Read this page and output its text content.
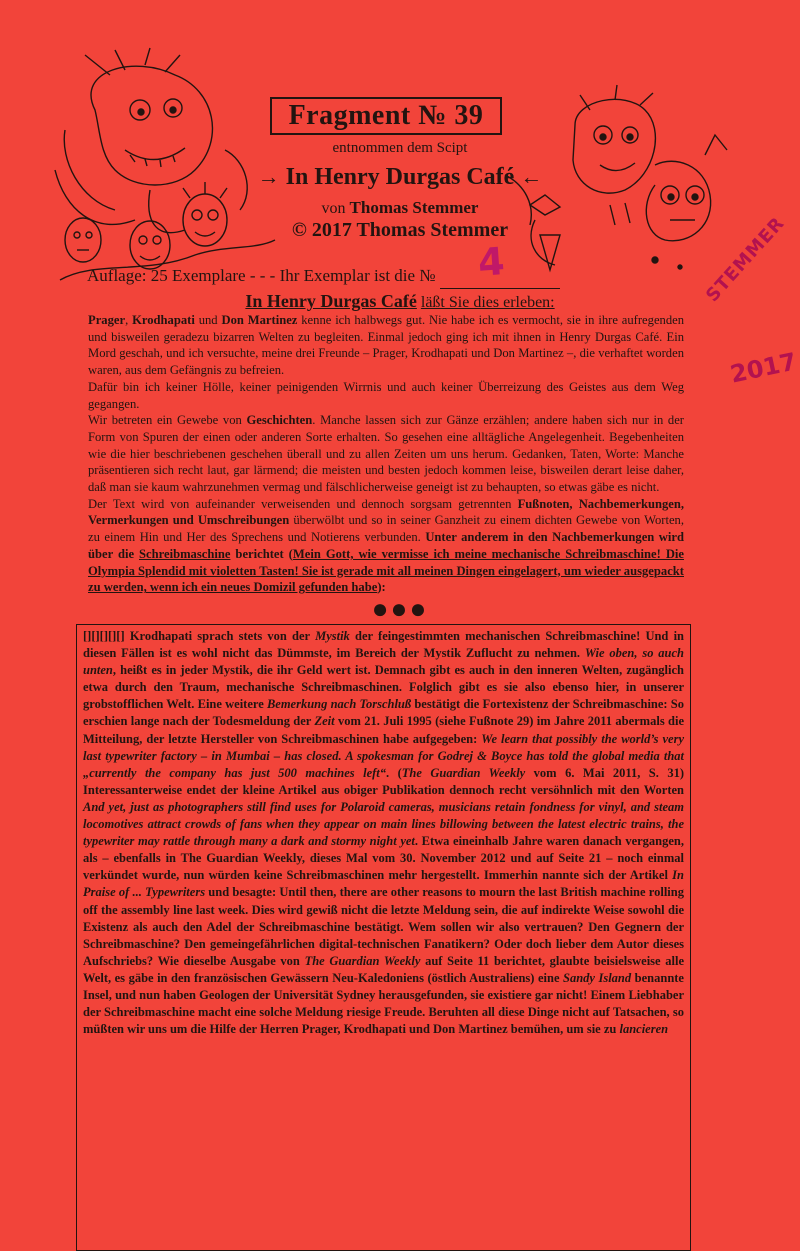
Fragment № 39
entnommen dem Scipt
→ In Henry Durgas Café ←
von Thomas Stemmer
© 2017 Thomas Stemmer
Auflage: 25 Exemplare - - - Ihr Exemplar ist die №	4	STEMMER
2017
In Henry Durgas Café läßt Sie dies erleben:

Prager, Krodhapati und Don Martinez kenne ich halbwegs gut. Nie habe ich es vermocht, sie in ihre aufregenden und bisweilen geradezu bizarren Welten zu begleiten. Einmal jedoch ging ich mit ihnen in Henry Durgas Café. Ein Mord geschah, und ich versuchte, meine drei Freunde – Prager, Krodhapati und Don Martinez –, die verhaftet worden waren, aus dem Gefängnis zu befreien.

Dafür bin ich keiner Hölle, keiner peinigenden Wirrnis und auch keiner Überreizung des Geistes aus dem Weg gegangen.

Wir betreten ein Gewebe von Geschichten. Manche lassen sich zur Gänze erzählen; andere haben sich nur in der Form von Spuren der einen oder anderen Sorte erhalten. So gesehen eine alltägliche Angelegenheit. Begebenheiten wie die hier beschriebenen geschehen überall und zu allen Zeiten um uns herum. Gedanken, Taten, Worte: Manche präsentieren sich recht laut, gar lärmend; die meisten und besten jedoch kommen leise, bisweilen derart leise daher, daß man sie kaum wahrzunehmen vermag und fälschlicherweise geneigt ist zu behaupten, so etwas gäbe es nicht.

Der Text wird von aufeinander verweisenden und dennoch sorgsam getrennten Fußnoten, Nachbemerkungen, Vermerkungen und Umschreibungen überwölbt und so in seiner Ganzheit zu einem dichten Gewebe von Worten, zu einem Hin und Her des Sprechens und Notierens verbunden. Unter anderem in den Nachbemerkungen wird über die Schreibmaschine berichtet (Mein Gott, wie vermisse ich meine mechanische Schreibmaschine! Die Olympia Splendid mit violetten Tasten! Sie ist gerade mit all meinen Dingen eingelagert, um wieder ausgepackt zu werden, wenn ich ein neues Domizil gefunden habe):

●●●

[][][][][] Krodhapati sprach stets von der Mystik der feingestimmten mechanischen Schreibmaschine! Und in diesen Fällen ist es wohl nicht das Dümmste, im Bereich der Mystik Zuflucht zu nehmen. Wie oben, so auch unten, heißt es in jeder Mystik, die ihr Geld wert ist. Demnach gibt es auch in den inneren Welten, zugänglich etwa durch den Traum, mechanische Schreibmaschinen. Folglich gibt es sie also ebenso hier, in unserer grobstofflichen Welt. Eine weitere Bemerkung nach Torschluß bestätigt die Fortexistenz der Schreibmaschine: So erschien lange nach der Todesmeldung der Zeit vom 21. Juli 1995 (siehe Fußnote 29) im Jahre 2011 abermals die Mitteilung, der letzte Hersteller von Schreibmaschinen habe aufgegeben: We learn that possibly the world’s very last typewriter factory – in Mumbai – has closed. A spokesman for Godrej & Boyce has told the global media that „currently the company has just 500 machines left“. (The Guardian Weekly vom 6. Mai 2011, S. 31) Interessanterweise endet der kleine Artikel aus obiger Publikation dennoch recht versöhnlich mit den Worten And yet, just as photographers still find uses for Polaroid cameras, musicians retain fondness for vinyl, and steam locomotives attract crowds of fans when they appear on main lines billowing between the latest electric trains, the typewriter may rattle through many a dark and stormy night yet. Etwa eineinhalb Jahre waren danach vergangen, als – ebenfalls in The Guardian Weekly, dieses Mal vom 30. November 2012 und auf Seite 21 – noch einmal verkündet wurde, nun würden keine Schreibmaschinen mehr hergestellt. Immerhin nannte sich der Artikel In Praise of ... Typewriters und besagte: Until then, there are other reasons to mourn the last British machine rolling off the assembly line last week. Dies wird gewiß nicht die letzte Meldung sein, die auf indirekte Weise sowohl die Existenz als auch den Adel der Schreibmaschine bestätigt. Wem sollen wir also vertrauen? Den Gegnern der Schreibmaschine? Den gemeingefährlichen digital-technischen Fanatikern? Oder doch lieber dem Autor dieses Aufschriebs? Wie dieselbe Ausgabe von The Guardian Weekly auf Seite 11 berichtet, glaubte beisielsweise alle Welt, es gäbe in den französischen Gewässern Neu-Kaledoniens (östlich Australiens) eine Sandy Island benannte Insel, und nun haben Geologen der Universität Sydney herausgefunden, sie existiere gar nicht! Einem Liebhaber der Schreibmaschine macht eine solche Meldung riesige Freude. Beruhten all diese Dinge nicht auf Tatsachen, so müßten wir uns um die Hilfe der Herren Prager, Krodhapati und Don Martinez bemühen, um sie zu lancieren
